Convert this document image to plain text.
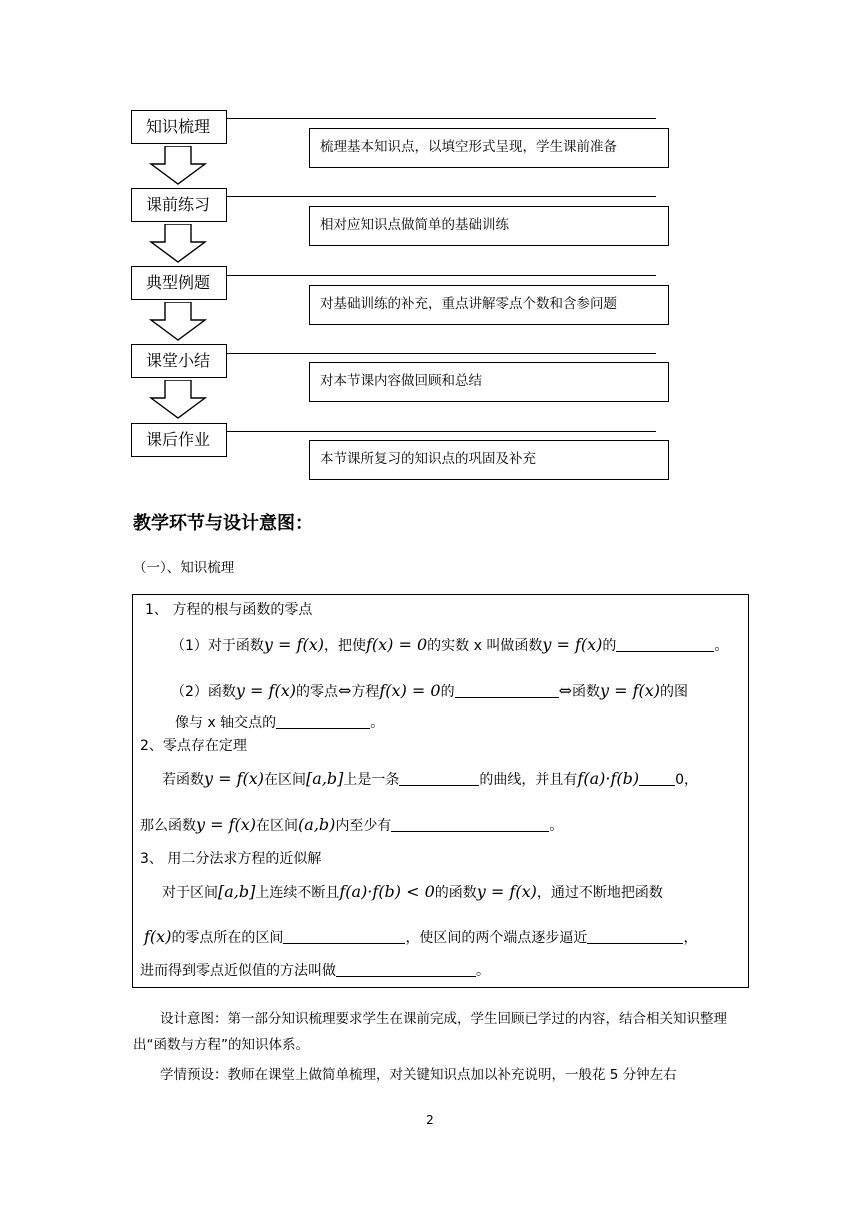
知识梳理
梳理基本知识点，以填空形式呈现，学生课前准备
课前练习
相对应知识点做简单的基础训练
典型例题
对基础训练的补充，重点讲解零点个数和含参问题
课堂小结
对本节课内容做回顾和总结
课后作业
本节课所复习的知识点的巩固及补充
教学环节与设计意图：
（一）、知识梳理
1、 方程的根与函数的零点
（1）对于函数y = f(x)，把使f(x) = 0的实数 x 叫做函数y = f(x)的	。
（2）函数y = f(x)的零点⇔方程f(x) = 0的	⇔函数y = f(x)的图
像与 x 轴交点的	。
2、零点存在定理
若函数y = f(x)在区间[a,b]上是一条	的曲线，并且有f(a)·f(b)	0，
那么函数y = f(x)在区间(a,b)内至少有	。
3、 用二分法求方程的近似解
对于区间[a,b]上连续不断且f(a)·f(b) < 0的函数y = f(x)，通过不断地把函数
f(x)的零点所在的区间	，使区间的两个端点逐步逼近	，
进而得到零点近似值的方法叫做	。
设计意图：第一部分知识梳理要求学生在课前完成，学生回顾已学过的内容，结合相关知识整理出“函数与方程”的知识体系。
学情预设：教师在课堂上做简单梳理，对关键知识点加以补充说明，一般花 5 分钟左右
2
